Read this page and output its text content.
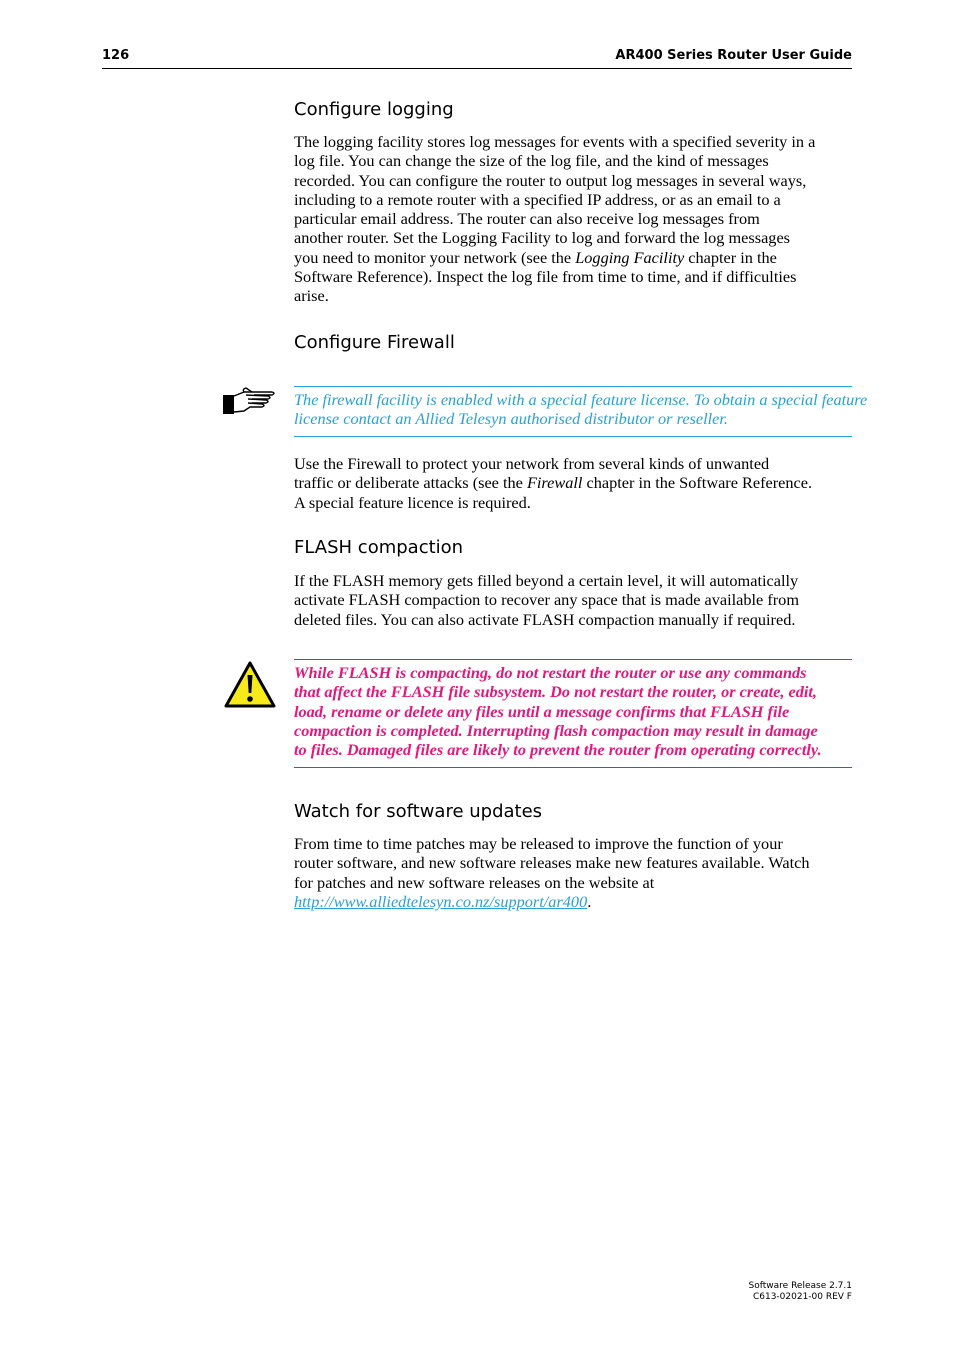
126	AR400 Series Router User Guide
Configure logging
The logging facility stores log messages for events with a specified severity in a
log file. You can change the size of the log file, and the kind of messages
recorded. You can configure the router to output log messages in several ways,
including to a remote router with a specified IP address, or as an email to a
particular email address. The router can also receive log messages from
another router. Set the Logging Facility to log and forward the log messages
you need to monitor your network (see the Logging Facility chapter in the
Software Reference). Inspect the log file from time to time, and if difficulties
arise.
Configure Firewall
The firewall facility is enabled with a special feature license. To obtain a special feature
license contact an Allied Telesyn authorised distributor or reseller.
Use the Firewall to protect your network from several kinds of unwanted
traffic or deliberate attacks (see the Firewall chapter in the Software Reference.
A special feature licence is required.
FLASH compaction
If the FLASH memory gets filled beyond a certain level, it will automatically
activate FLASH compaction to recover any space that is made available from
deleted files. You can also activate FLASH compaction manually if required.
While FLASH is compacting, do not restart the router or use any commands
that affect the FLASH file subsystem. Do not restart the router, or create, edit,
load, rename or delete any files until a message confirms that FLASH file
compaction is completed. Interrupting flash compaction may result in damage
to files. Damaged files are likely to prevent the router from operating correctly.
Watch for software updates
From time to time patches may be released to improve the function of your
router software, and new software releases make new features available. Watch
for patches and new software releases on the website at
http://www.alliedtelesyn.co.nz/support/ar400.
Software Release 2.7.1
C613-02021-00 REV F
